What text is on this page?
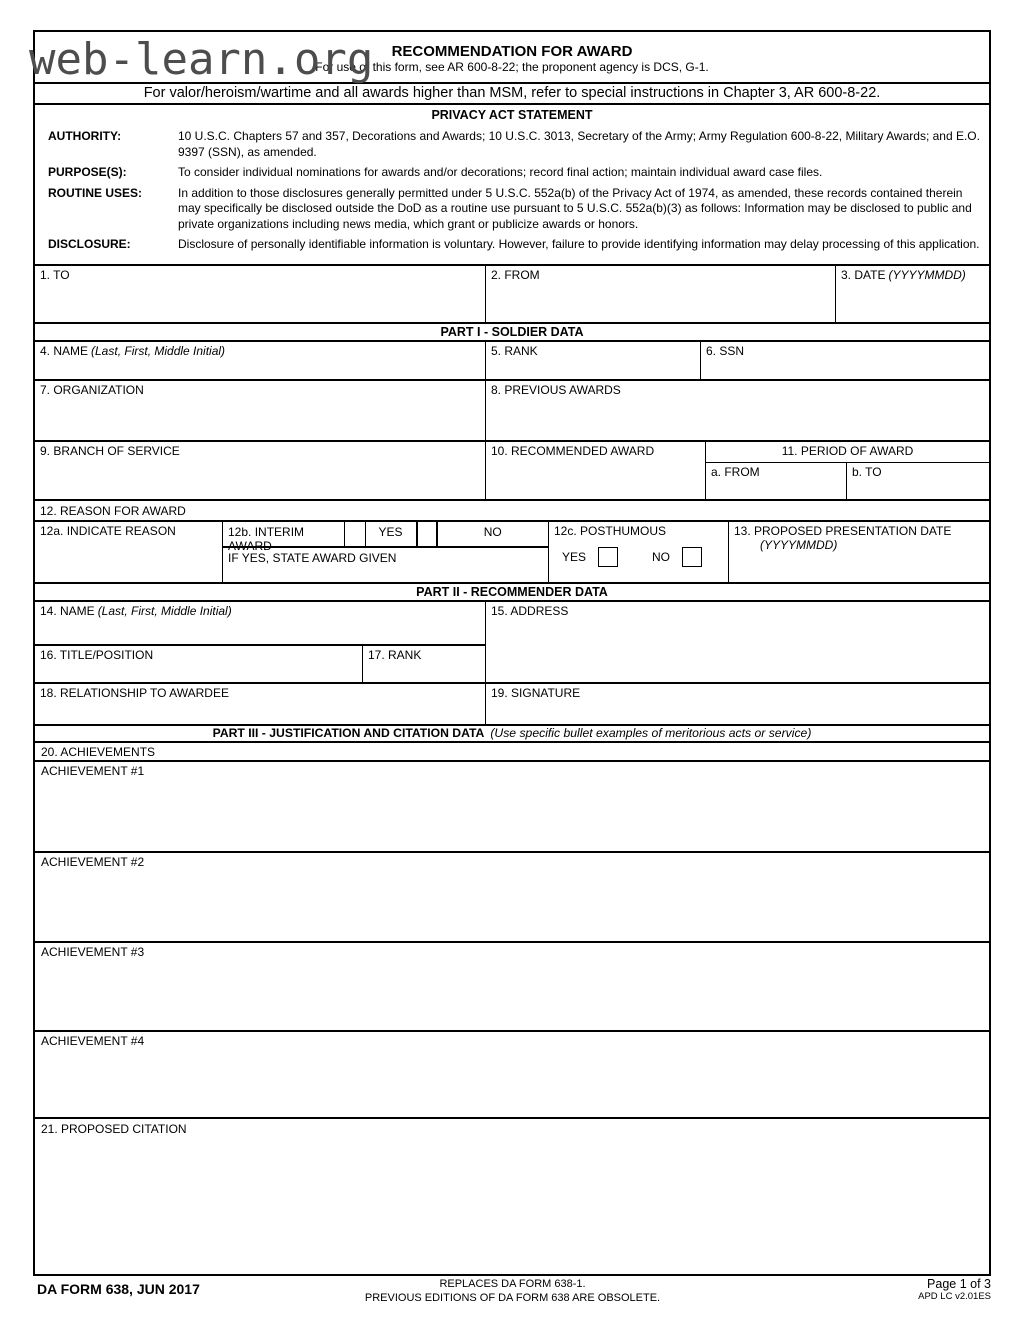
web-learn.org	RECOMMENDATION FOR AWARD
For use of this form, see AR 600-8-22; the proponent agency is DCS, G-1.
For valor/heroism/wartime and all awards higher than MSM, refer to special instructions in Chapter 3, AR 600-8-22.
PRIVACY ACT STATEMENT
AUTHORITY:	10 U.S.C. Chapters 57 and 357, Decorations and Awards; 10 U.S.C. 3013, Secretary of the Army; Army Regulation 600-8-22, Military Awards; and E.O. 9397 (SSN), as amended.
PURPOSE(S):	To consider individual nominations for awards and/or decorations; record final action; maintain individual award case files.
ROUTINE USES:	In addition to those disclosures generally permitted under 5 U.S.C. 552a(b) of the Privacy Act of 1974, as amended, these records contained therein may specifically be disclosed outside the DoD as a routine use pursuant to 5 U.S.C. 552a(b)(3) as follows: Information may be disclosed to public and private organizations including news media, which grant or publicize awards or honors.
DISCLOSURE:	Disclosure of personally identifiable information is voluntary. However, failure to provide identifying information may delay processing of this application.
1. TO	2. FROM	3. DATE (YYYYMMDD)
PART I - SOLDIER DATA
4. NAME (Last, First, Middle Initial)	5. RANK	6. SSN
7. ORGANIZATION	8. PREVIOUS AWARDS
9. BRANCH OF SERVICE	10. RECOMMENDED AWARD	11. PERIOD OF AWARD
a. FROM	b. TO
12. REASON FOR AWARD
12a. INDICATE REASON	12b. INTERIM AWARD
YES	NO
IF YES, STATE AWARD GIVEN
12c. POSTHUMOUS
YES	NO
13. PROPOSED PRESENTATION DATE
(YYYYMMDD)
PART II - RECOMMENDER DATA
14. NAME (Last, First, Middle Initial)
16. TITLE/POSITION	17. RANK
15. ADDRESS
18. RELATIONSHIP TO AWARDEE	19. SIGNATURE
PART III - JUSTIFICATION AND CITATION DATA (Use specific bullet examples of meritorious acts or service)
20. ACHIEVEMENTS
ACHIEVEMENT #1
ACHIEVEMENT #2
ACHIEVEMENT #3
ACHIEVEMENT #4
21. PROPOSED CITATION
DA FORM 638, JUN 2017	REPLACES DA FORM 638-1.
PREVIOUS EDITIONS OF DA FORM 638 ARE OBSOLETE.
Page 1 of 3
APD LC v2.01ES
